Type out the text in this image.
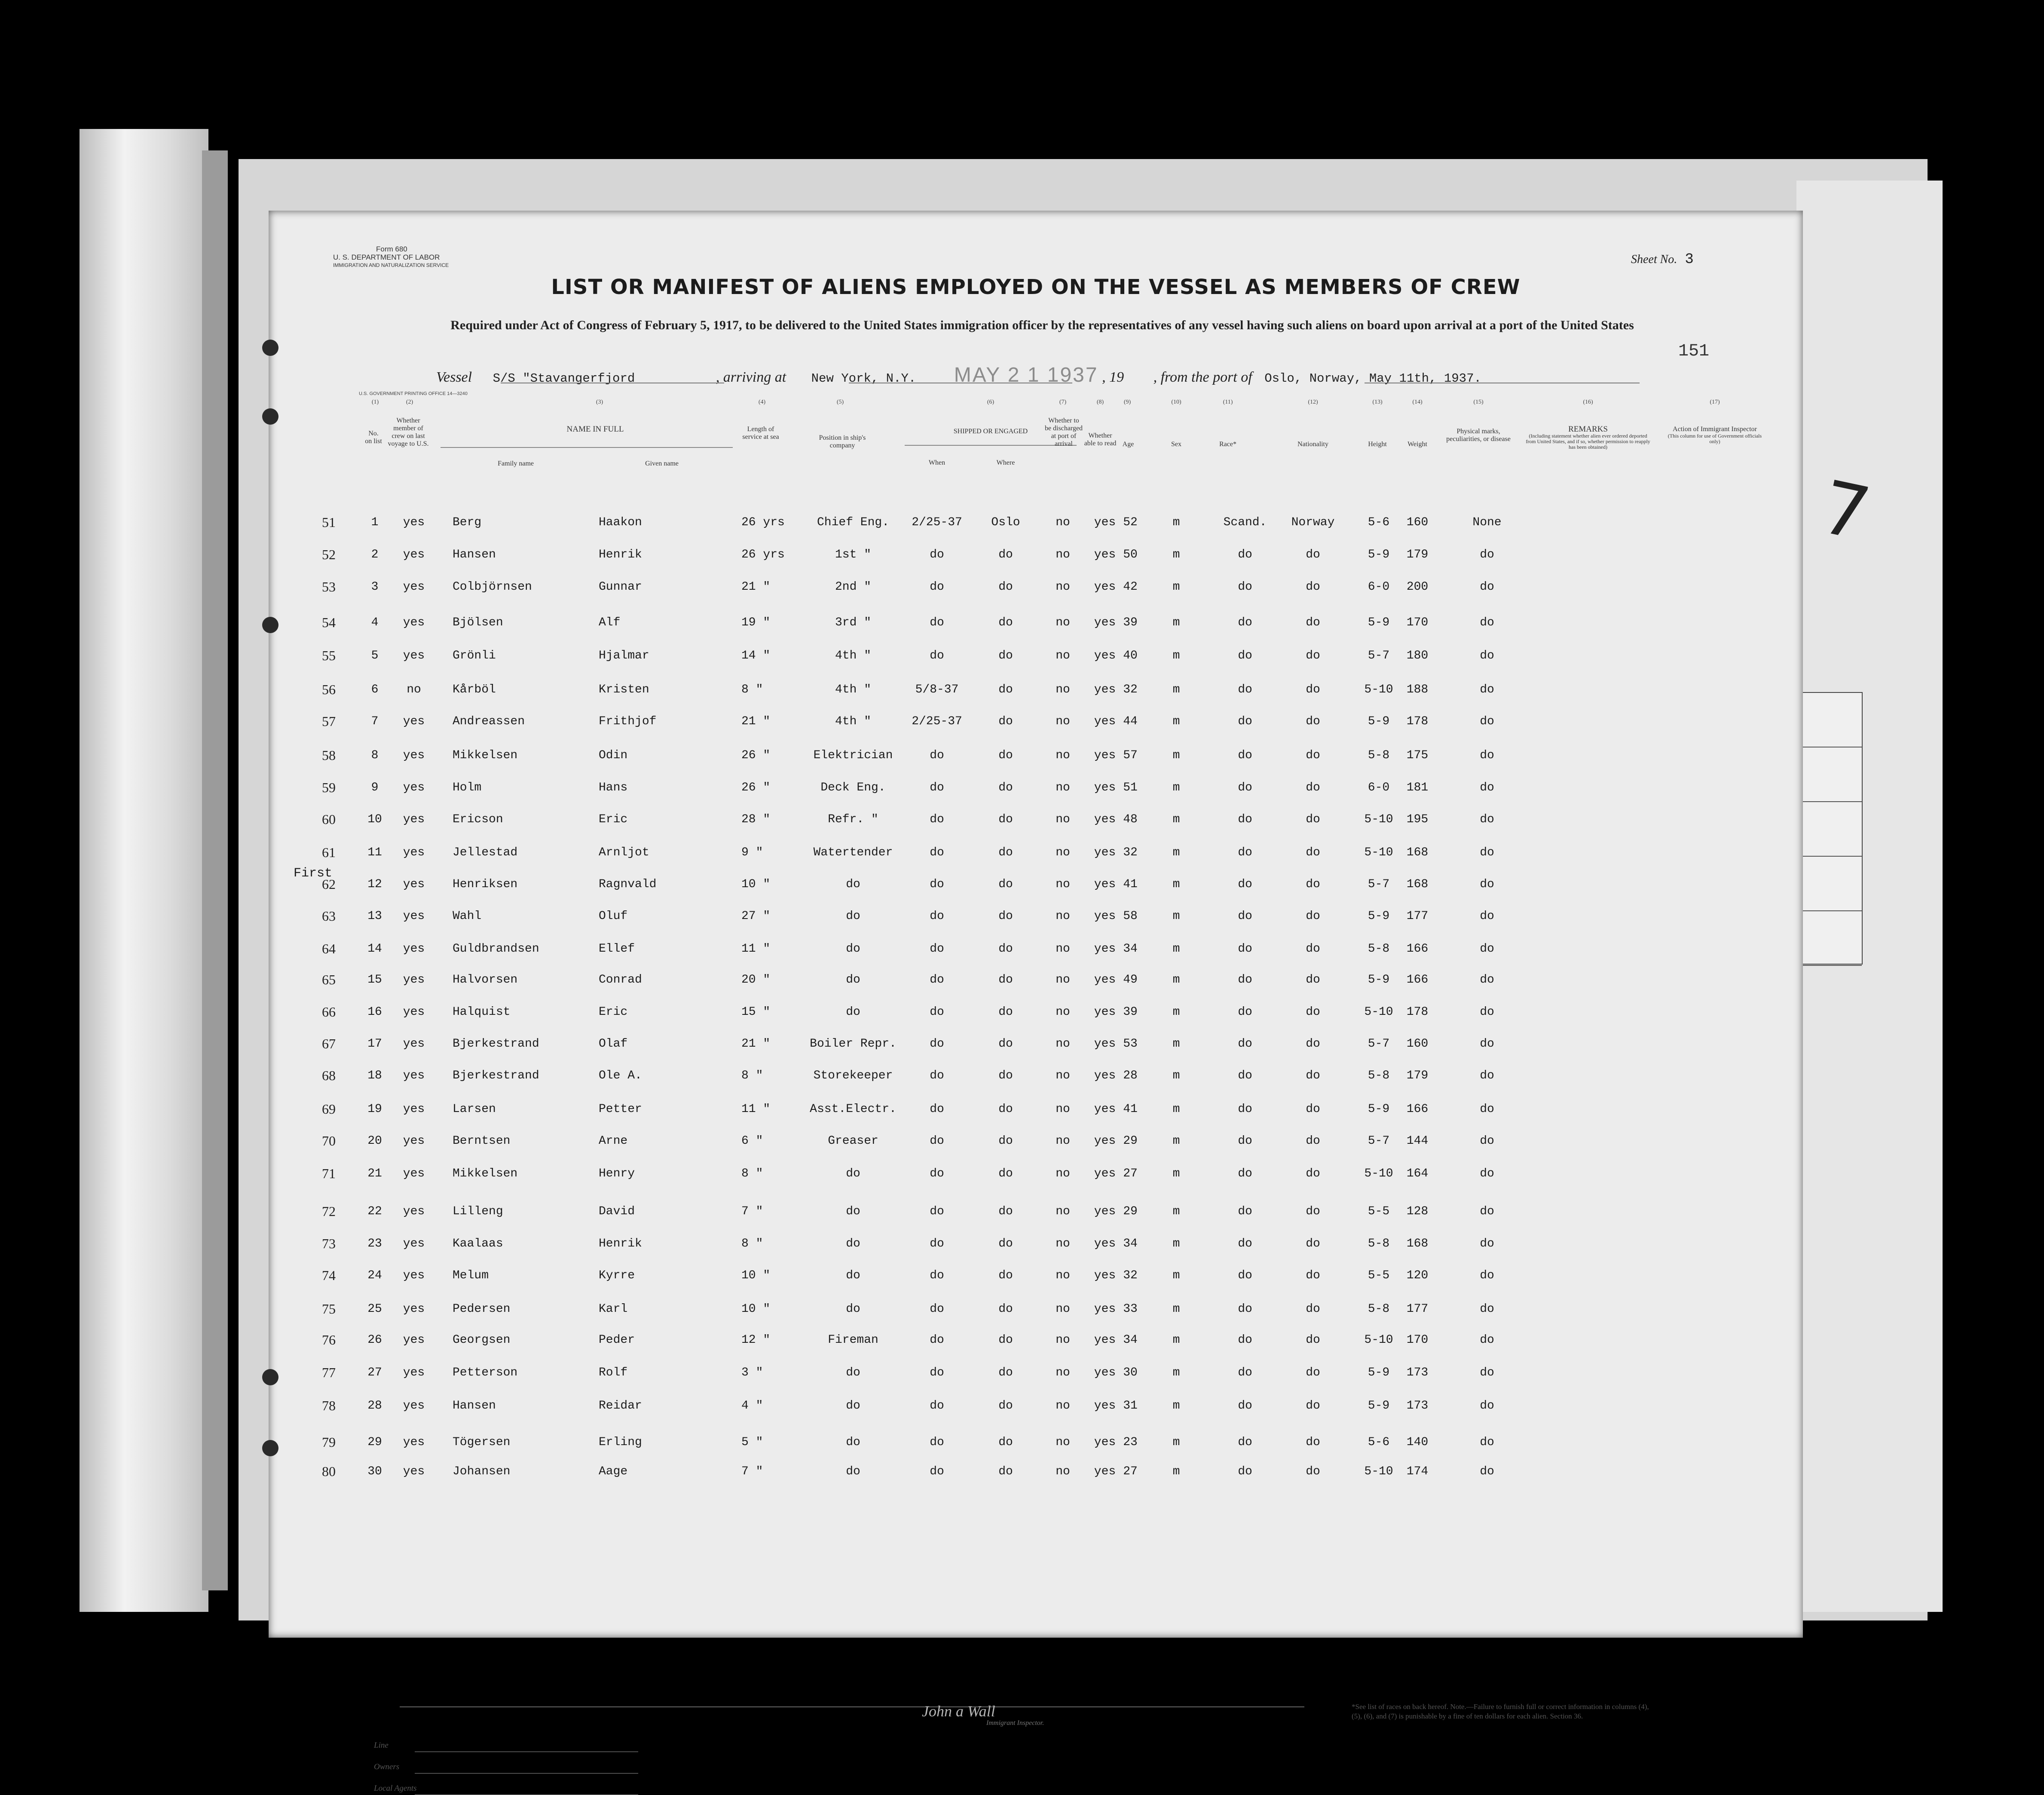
7
Form 680
U. S. DEPARTMENT OF LABOR
IMMIGRATION AND NATURALIZATION SERVICE	Sheet No. 3
LIST OR MANIFEST OF ALIENS EMPLOYED ON THE VESSEL AS MEMBERS OF CREW
Required under Act of Congress of February 5, 1917, to be delivered to the United States immigration officer by the representatives of any vessel having such aliens on board upon arrival at a port of the United States
151
Vessel S/S "Stavangerfjord	, arriving at New York, N.Y. MAY 2 1 1937 , 19 , from the port of Oslo, Norway, May 11th, 1937.
U.S. GOVERNMENT PRINTING OFFICE 14—3240
(1)	(2)	(3)	(4)	(5)	(6)	(7)	(8)	(9)	(10)	(11)	(12)	(13)	(14)	(15)	(16)	(17)
No. on list
Whether member of crew on last voyage to U.S.
NAME IN FULL
Family name	Given name
Length of service at sea	Position in ship's company
SHIPPED OR ENGAGED
When	Where
Whether to be discharged at port of arrival
Whether able to read Age	Sex	Race*	Nationality	Height	Weight
Physical marks, peculiarities, or disease
REMARKS
(Including statement whether alien ever ordered deported from United States, and if so, whether permission to reapply has been obtained)
Action of Immigrant Inspector
(This column for use of Government officials only)
First
51	1 yes Berg	Haakon	26 yrs	Chief Eng. 2/25-37 Oslo	no yes 52	m	Scand. Norway	5-6 160	None
52	2 yes Hansen	Henrik	26 yrs	1st "	do	do	no yes 50	m	do	do	5-9 179	do
53	3 yes Colbjörnsen	Gunnar	21 "	2nd "	do	do	no yes 42	m	do	do	6-0 200	do
54	4 yes Bjölsen	Alf	19 "	3rd "	do	do	no yes 39	m	do	do	5-9 170	do
55	5 yes Grönli	Hjalmar	14 "	4th "	do	do	no yes 40	m	do	do	5-7 180	do
56	6 no	Kårböl	Kristen	8 "	4th "	5/8-37	do	no yes 32	m	do	do	5-10 188	do
57	7 yes Andreassen	Frithjof	21 "	4th "	2/25-37	do	no yes 44	m	do	do	5-9 178	do
58	8 yes Mikkelsen	Odin	26 "	Elektrician	do	do	no yes 57	m	do	do	5-8 175	do
59	9 yes Holm	Hans	26 "	Deck Eng.	do	do	no yes 51	m	do	do	6-0 181	do
60	10 yes Ericson	Eric	28 "	Refr. "	do	do	no yes 48	m	do	do	5-10 195	do
61	11 yes Jellestad	Arnljot	9 "	Watertender	do	do	no yes 32	m	do	do	5-10 168	do
62	12 yes Henriksen	Ragnvald	10 "	do	do	do	no yes 41	m	do	do	5-7 168	do
63	13 yes Wahl	Oluf	27 "	do	do	do	no yes 58	m	do	do	5-9 177	do
64	14 yes Guldbrandsen	Ellef	11 "	do	do	do	no yes 34	m	do	do	5-8 166	do
65	15 yes Halvorsen	Conrad	20 "	do	do	do	no yes 49	m	do	do	5-9 166	do
66	16 yes Halquist	Eric	15 "	do	do	do	no yes 39	m	do	do	5-10 178	do
67	17 yes Bjerkestrand	Olaf	21 "	Boiler Repr.	do	do	no yes 53	m	do	do	5-7 160	do
68	18 yes Bjerkestrand	Ole A.	8 "	Storekeeper	do	do	no yes 28	m	do	do	5-8 179	do
69	19 yes Larsen	Petter	11 "	Asst.Electr.	do	do	no yes 41	m	do	do	5-9 166	do
70	20 yes Berntsen	Arne	6 "	Greaser	do	do	no yes 29	m	do	do	5-7 144	do
71	21 yes Mikkelsen	Henry	8 "	do	do	do	no yes 27	m	do	do	5-10 164	do
72	22 yes Lilleng	David	7 "	do	do	do	no yes 29	m	do	do	5-5 128	do
73	23 yes Kaalaas	Henrik	8 "	do	do	do	no yes 34	m	do	do	5-8 168	do
74	24 yes Melum	Kyrre	10 "	do	do	do	no yes 32	m	do	do	5-5 120	do
75	25 yes Pedersen	Karl	10 "	do	do	do	no yes 33	m	do	do	5-8 177	do
76	26 yes Georgsen	Peder	12 "	Fireman	do	do	no yes 34	m	do	do	5-10 170	do
77	27 yes Petterson	Rolf	3 "	do	do	do	no yes 30	m	do	do	5-9 173	do
78	28 yes Hansen	Reidar	4 "	do	do	do	no yes 31	m	do	do	5-9 173	do
79	29 yes Tögersen	Erling	5 "	do	do	do	no yes 23	m	do	do	5-6 140	do
80	30 yes Johansen	Aage	7 "	do	do	do	no yes 27	m	do	do	5-10 174	do
Line
Owners
Local Agents
John a Wall
Immigrant Inspector.
*See list of races on back hereof. Note.—Failure to furnish full or correct information in columns (4), (5), (6), and (7) is punishable by a fine of ten dollars for each alien. Section 36.
